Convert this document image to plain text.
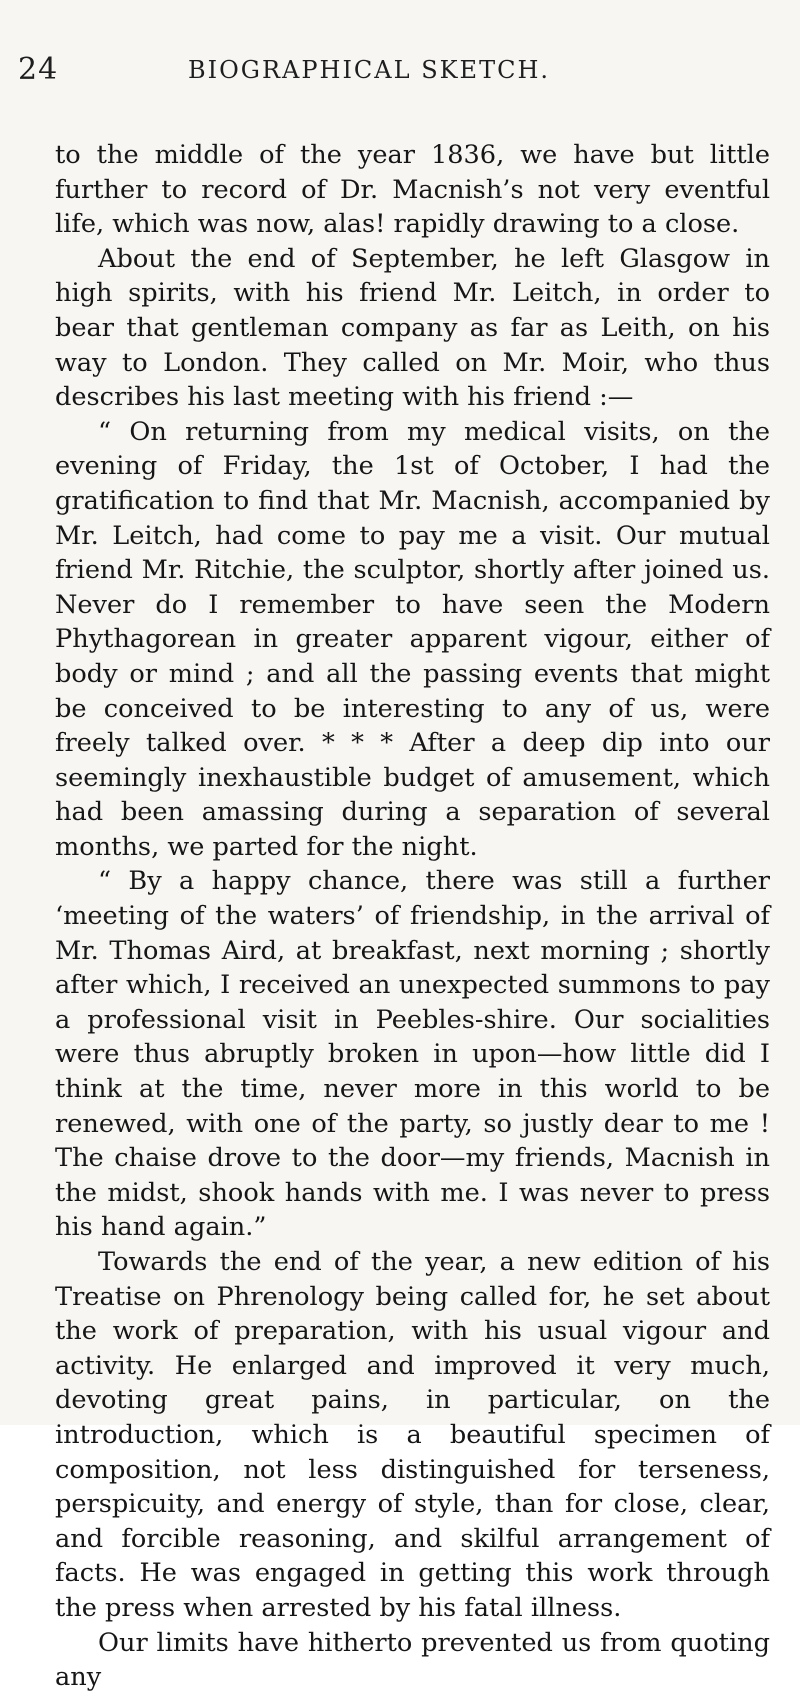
24	BIOGRAPHICAL SKETCH.

to the middle of the year 1836, we have but little further to record of Dr. Macnish’s not very eventful life, which was now, alas! rapidly drawing to a close.

About the end of September, he left Glasgow in high spirits, with his friend Mr. Leitch, in order to bear that gentleman company as far as Leith, on his way to London. They called on Mr. Moir, who thus describes his last meeting with his friend :—

“ On returning from my medical visits, on the evening of Friday, the 1st of October, I had the gratification to find that Mr. Macnish, accompanied by Mr. Leitch, had come to pay me a visit. Our mutual friend Mr. Ritchie, the sculptor, shortly after joined us. Never do I remember to have seen the Modern Phythagorean in greater apparent vigour, either of body or mind ; and all the passing events that might be conceived to be interesting to any of us, were freely talked over. * * * After a deep dip into our seemingly inexhaustible budget of amusement, which had been amassing during a separation of several months, we parted for the night.

“ By a happy chance, there was still a further ‘meeting of the waters’ of friendship, in the arrival of Mr. Thomas Aird, at breakfast, next morning ; shortly after which, I received an unexpected summons to pay a professional visit in Peebles-shire. Our socialities were thus abruptly broken in upon—how little did I think at the time, never more in this world to be renewed, with one of the party, so justly dear to me ! The chaise drove to the door—my friends, Macnish in the midst, shook hands with me. I was never to press his hand again.”

Towards the end of the year, a new edition of his Treatise on Phrenology being called for, he set about the work of preparation, with his usual vigour and activity. He enlarged and improved it very much, devoting great pains, in particular, on the introduction, which is a beautiful specimen of composition, not less distinguished for terseness, perspicuity, and energy of style, than for close, clear, and forcible reasoning, and skilful arrangement of facts. He was engaged in getting this work through the press when arrested by his fatal illness.

Our limits have hitherto prevented us from quoting any
